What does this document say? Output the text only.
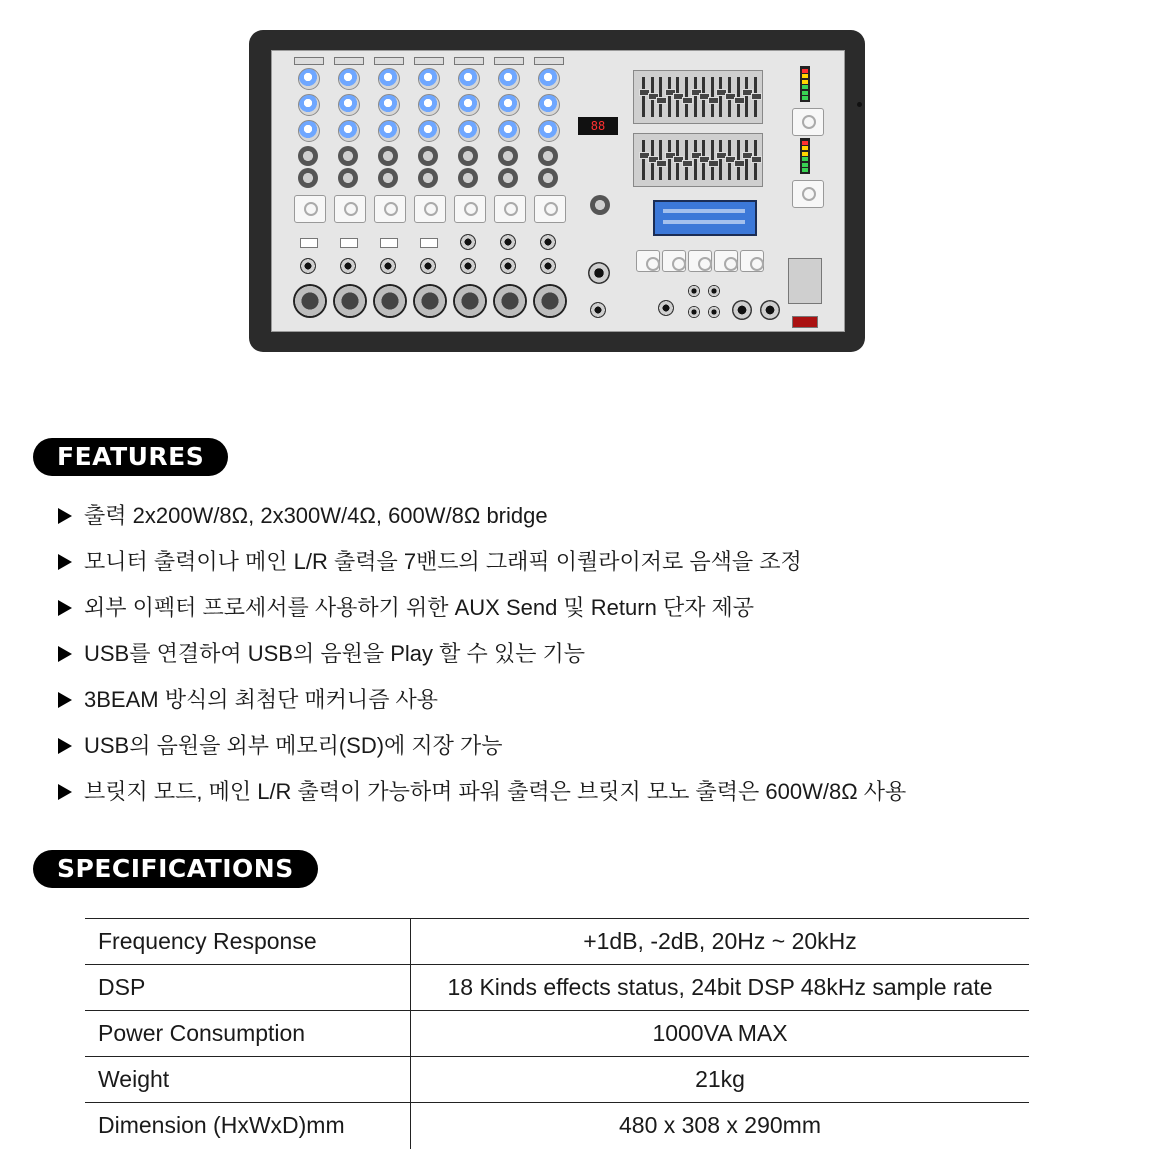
88
FEATURES
출력 2x200W/8Ω, 2x300W/4Ω, 600W/8Ω bridge
모니터 출력이나 메인 L/R 출력을 7밴드의 그래픽 이퀄라이저로 음색을 조정
외부 이펙터 프로세서를 사용하기 위한 AUX Send 및 Return 단자 제공
USB를 연결하여 USB의 음원을 Play 할 수 있는 기능
3BEAM 방식의 최첨단 매커니즘 사용
USB의 음원을 외부 메모리(SD)에 지장 가능
브릿지 모드, 메인 L/R 출력이 가능하며 파워 출력은 브릿지 모노 출력은 600W/8Ω 사용
SPECIFICATIONS
Frequency Response	+1dB, -2dB, 20Hz ~ 20kHz
DSP	18 Kinds effects status, 24bit DSP 48kHz sample rate
Power Consumption	1000VA MAX
Weight	21kg
Dimension (HxWxD)mm	480 x 308 x 290mm
